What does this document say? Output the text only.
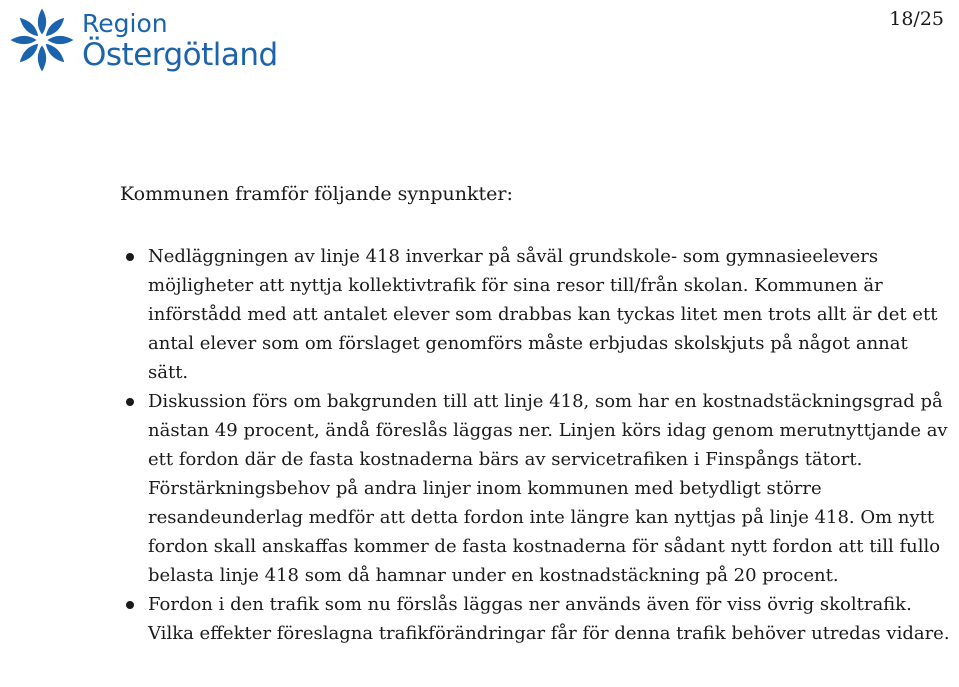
Region
Östergötland
18/25

Kommunen framför följande synpunkter:

Nedläggningen av linje 418 inverkar på såväl grundskole- som gymnasieelevers möjligheter att nyttja kollektivtrafik för sina resor till/från skolan. Kommunen är införstådd med att antalet elever som drabbas kan tyckas litet men trots allt är det ett antal elever som om förslaget genomförs måste erbjudas skolskjuts på något annat sätt.
Diskussion förs om bakgrunden till att linje 418, som har en kostnadstäckningsgrad på nästan 49 procent, ändå föreslås läggas ner. Linjen körs idag genom merutnyttjande av ett fordon där de fasta kostnaderna bärs av servicetrafiken i Finspångs tätort. Förstärkningsbehov på andra linjer inom kommunen med betydligt större resandeunderlag medför att detta fordon inte längre kan nyttjas på linje 418. Om nytt fordon skall anskaffas kommer de fasta kostnaderna för sådant nytt fordon att till fullo belasta linje 418 som då hamnar under en kostnadstäckning på 20 procent.
Fordon i den trafik som nu förslås läggas ner används även för viss övrig skoltrafik. Vilka effekter föreslagna trafikförändringar får för denna trafik behöver utredas vidare.
